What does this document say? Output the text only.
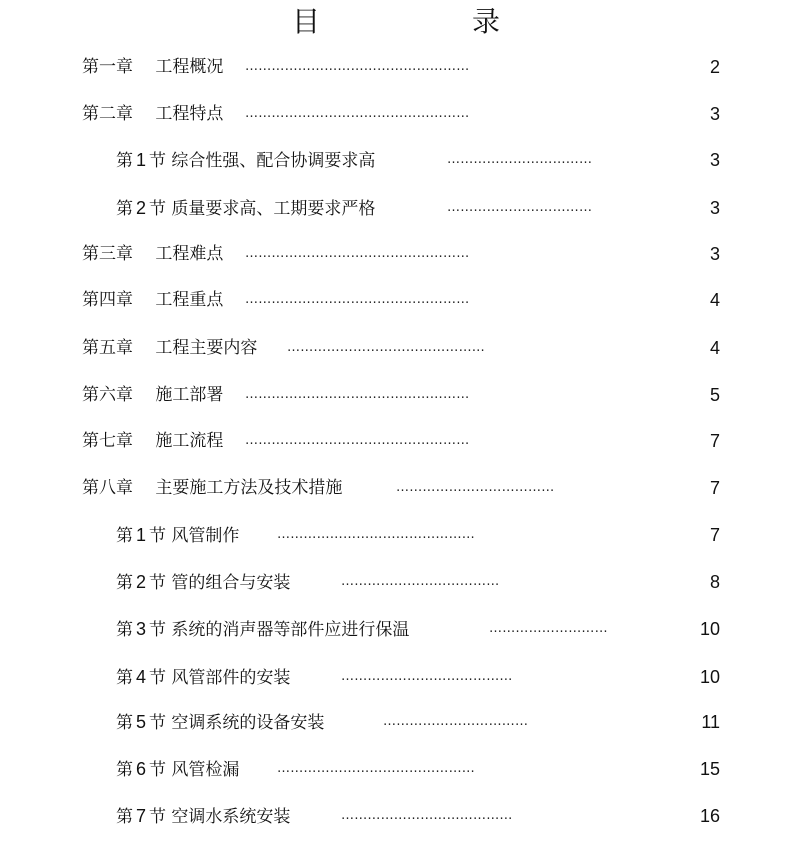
目　录
第一章　 工程概况 ……………………………………………	2
第二章　 工程特点 ……………………………………………	3
第 1 节 综合性强、配合协调要求高	……………………………	3
第 2 节 质量要求高、工期要求严格	……………………………	3
第三章　 工程难点 ……………………………………………	3
第四章　 工程重点 ……………………………………………	4
第五章　 工程主要内容 ………………………………………	4
第六章　 施工部署 ……………………………………………	5
第七章　 施工流程 ……………………………………………	7
第八章　 主要施工方法及技术措施	………………………………	7
第 1 节 风管制作	………………………………………	7
第 2 节 管的组合与安装	………………………………	8
第 3 节 系统的消声器等部件应进行保温	………………………	10
第 4 节 风管部件的安装	…………………………………	10
第 5 节 空调系统的设备安装	……………………………	11
第 6 节 风管检漏	………………………………………	15
第 7 节 空调水系统安装	…………………………………	16
